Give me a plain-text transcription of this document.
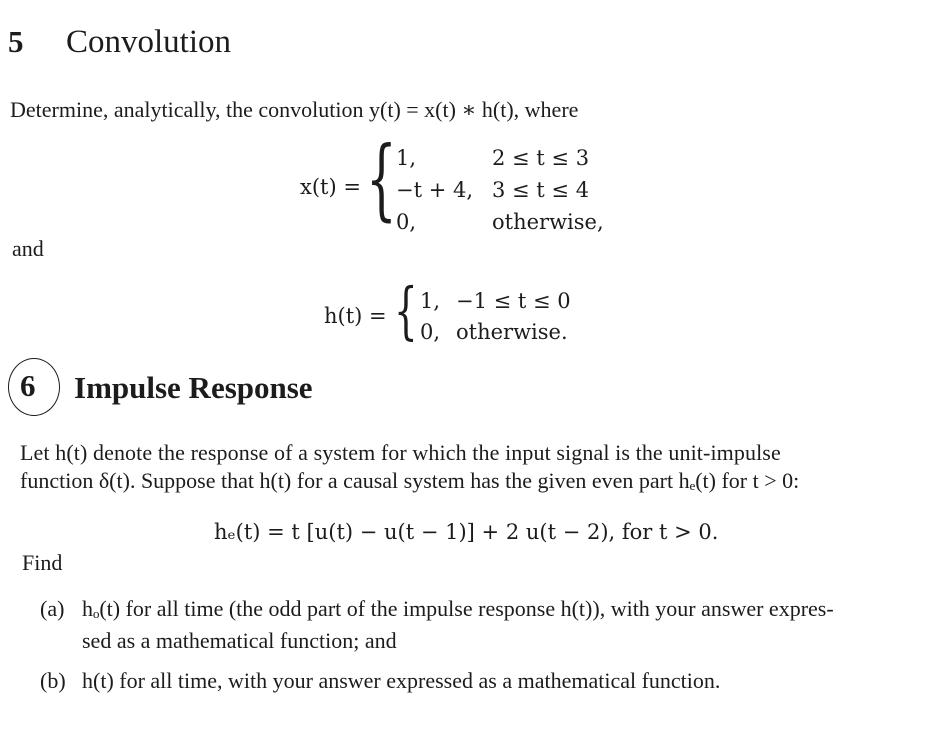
5 Convolution
Determine, analytically, the convolution y(t) = x(t) ∗ h(t), where
x(t) = { 1,	2 ≤ t ≤ 3
−t + 4, 3 ≤ t ≤ 4
0,	otherwise,
and
h(t) = { 1, −1 ≤ t ≤ 0
0, otherwise.
6 Impulse Response
Let h(t) denote the response of a system for which the input signal is the unit-impulse
function δ(t). Suppose that h(t) for a causal system has the given even part hₑ(t) for t > 0:
hₑ(t) = t [u(t) − u(t − 1)] + 2 u(t − 2), for t > 0.
Find
(a) hₒ(t) for all time (the odd part of the impulse response h(t)), with your answer expres-
sed as a mathematical function; and
(b) h(t) for all time, with your answer expressed as a mathematical function.
